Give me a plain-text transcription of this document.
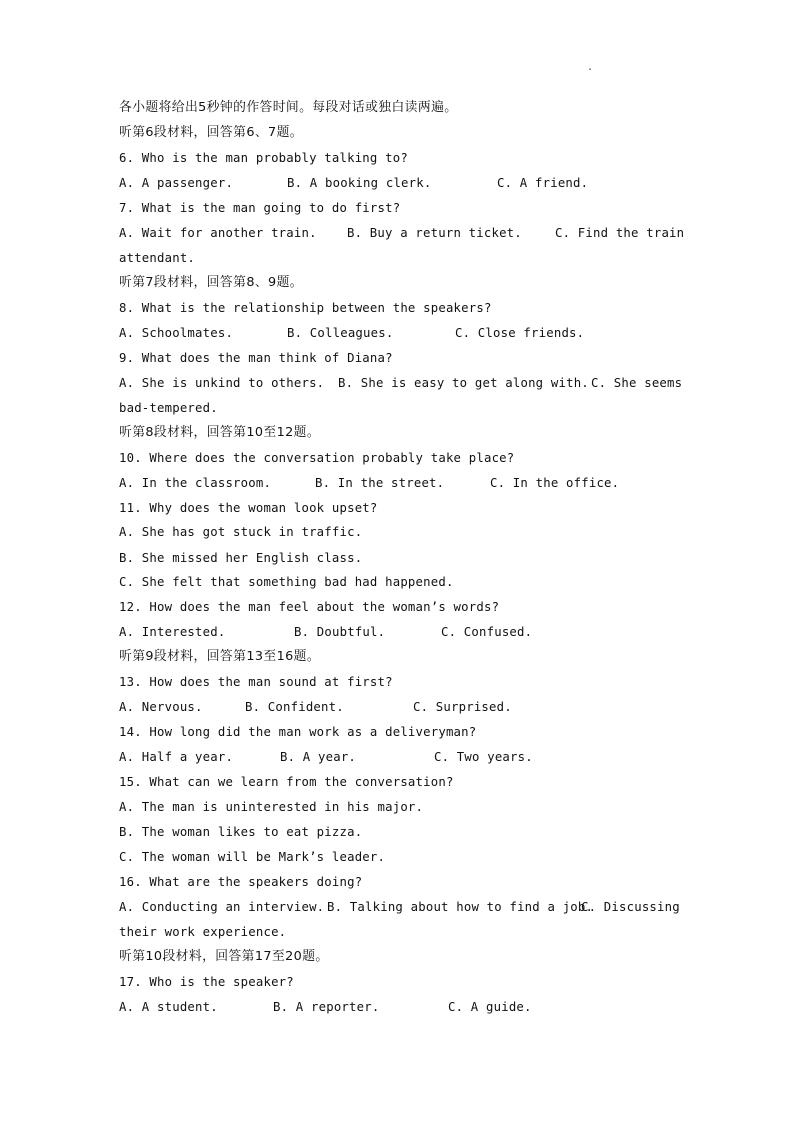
.
各小题将给出5秒钟的作答时间。每段对话或独白读两遍。
听第6段材料，回答第6、7题。
6. Who is the man probably talking to?
A. A passenger.	B. A booking clerk.	C. A friend.
7. What is the man going to do first?
A. Wait for another train. B. Buy a return ticket.	C. Find the train
attendant.
听第7段材料，回答第8、9题。
8. What is the relationship between the speakers?
A. Schoolmates.	B. Colleagues.	C. Close friends.
9. What does the man think of Diana?
A. She is unkind to others. B. She is easy to get along with. C. She seems
bad-tempered.
听第8段材料，回答第10至12题。
10. Where does the conversation probably take place?
A. In the classroom.	B. In the street.	C. In the office.
11. Why does the woman look upset?
A. She has got stuck in traffic.
B. She missed her English class.
C. She felt that something bad had happened.
12. How does the man feel about the woman’s words?
A. Interested.	B. Doubtful.	C. Confused.
听第9段材料，回答第13至16题。
13. How does the man sound at first?
A. Nervous.	B. Confident.	C. Surprised.
14. How long did the man work as a deliveryman?
A. Half a year.	B. A year.	C. Two years.
15. What can we learn from the conversation?
A. The man is uninterested in his major.
B. The woman likes to eat pizza.
C. The woman will be Mark’s leader.
16. What are the speakers doing?
A. Conducting an interview. B. Talking about how to find a job.
C. Discussing
their work experience.
听第10段材料，回答第17至20题。
17. Who is the speaker?
A. A student.	B. A reporter.	C. A guide.
